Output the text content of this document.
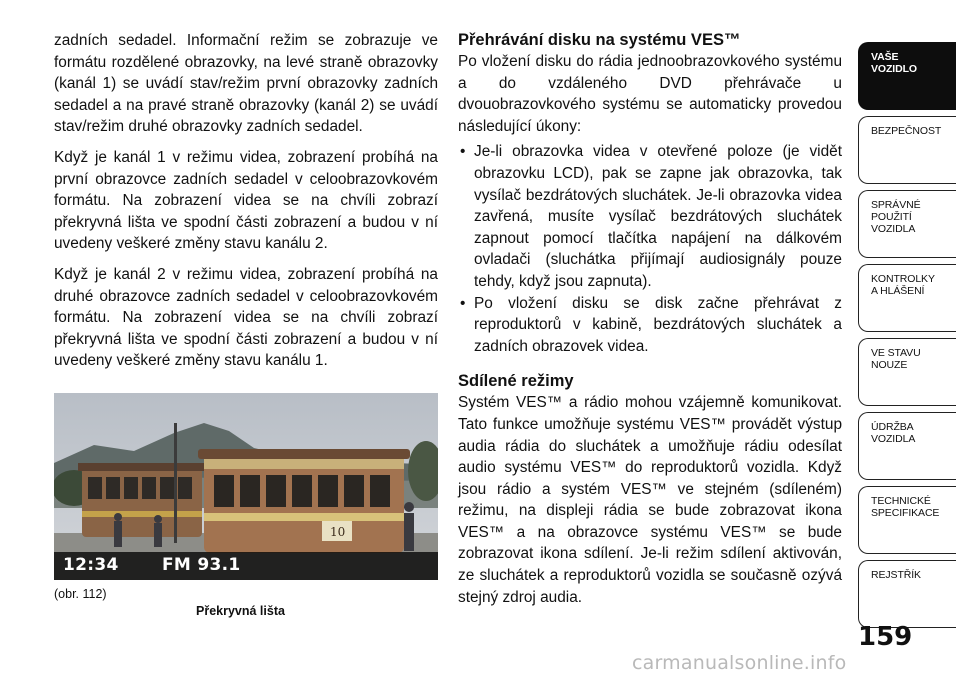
zadních sedadel. Informační režim se zobrazuje ve formátu rozdělené obrazovky, na levé straně obrazovky (kanál 1) se uvádí stav/režim první obrazovky zadních sedadel a na pravé straně obrazovky (kanál 2) se uvádí stav/režim druhé obrazovky zadních sedadel.

Když je kanál 1 v režimu videa, zobrazení probíhá na první obrazovce zadních sedadel v celoobrazovkovém formátu. Na zobrazení videa se na chvíli zobrazí překryvná lišta ve spodní části zobrazení a budou v ní uvedeny veškeré změny stavu kanálu 2.

Když je kanál 2 v režimu videa, zobrazení probíhá na druhé obrazovce zadních sedadel v celoobrazovkovém formátu. Na zobrazení videa se na chvíli zobrazí překryvná lišta ve spodní části zobrazení a budou v ní uvedeny veškeré změny stavu kanálu 1.

10
12:34	FM 93.1
(obr. 112)
Překryvná lišta
Přehrávání disku na systému VES™

Po vložení disku do rádia jednoobrazovkového systému a do vzdáleného DVD přehrávače u dvouobrazovkového systému se automaticky provedou následující úkony:

• Je-li obrazovka videa v otevřené poloze (je vidět obrazovku LCD), pak se zapne jak obrazovka, tak vysílač bezdrátových sluchátek. Je-li obrazovka videa zavřená, musíte vysílač bezdrátových sluchátek zapnout pomocí tlačítka napájení na dálkovém ovladači (sluchátka přijímají audiosignály pouze tehdy, když jsou zapnuta).
• Po vložení disku se disk začne přehrávat z reproduktorů v kabině, bezdrátových sluchátek a zadních obrazovek videa.
Sdílené režimy

Systém VES™ a rádio mohou vzájemně komunikovat. Tato funkce umožňuje systému VES™ provádět výstup audia rádia do sluchátek a umožňuje rádiu odesílat audio systému VES™ do reproduktorů vozidla. Když jsou rádio a systém VES™ ve stejném (sdíleném) režimu, na displeji rádia se bude zobrazovat ikona VES™ a na obrazovce systému VES™ se bude zobrazovat ikona sdílení. Je-li režim sdílení aktivován, ze sluchátek a reproduktorů vozidla se současně ozývá stejný zdroj audia.

VAŠE
VOZIDLO
BEZPEČNOST
SPRÁVNÉ
POUŽITÍ
VOZIDLA
KONTROLKY
A HLÁŠENÍ
VE STAVU
NOUZE
ÚDRŽBA
VOZIDLA
TECHNICKÉ
SPECIFIKACE
REJSTŘÍK
159
carmanualsonline.info
